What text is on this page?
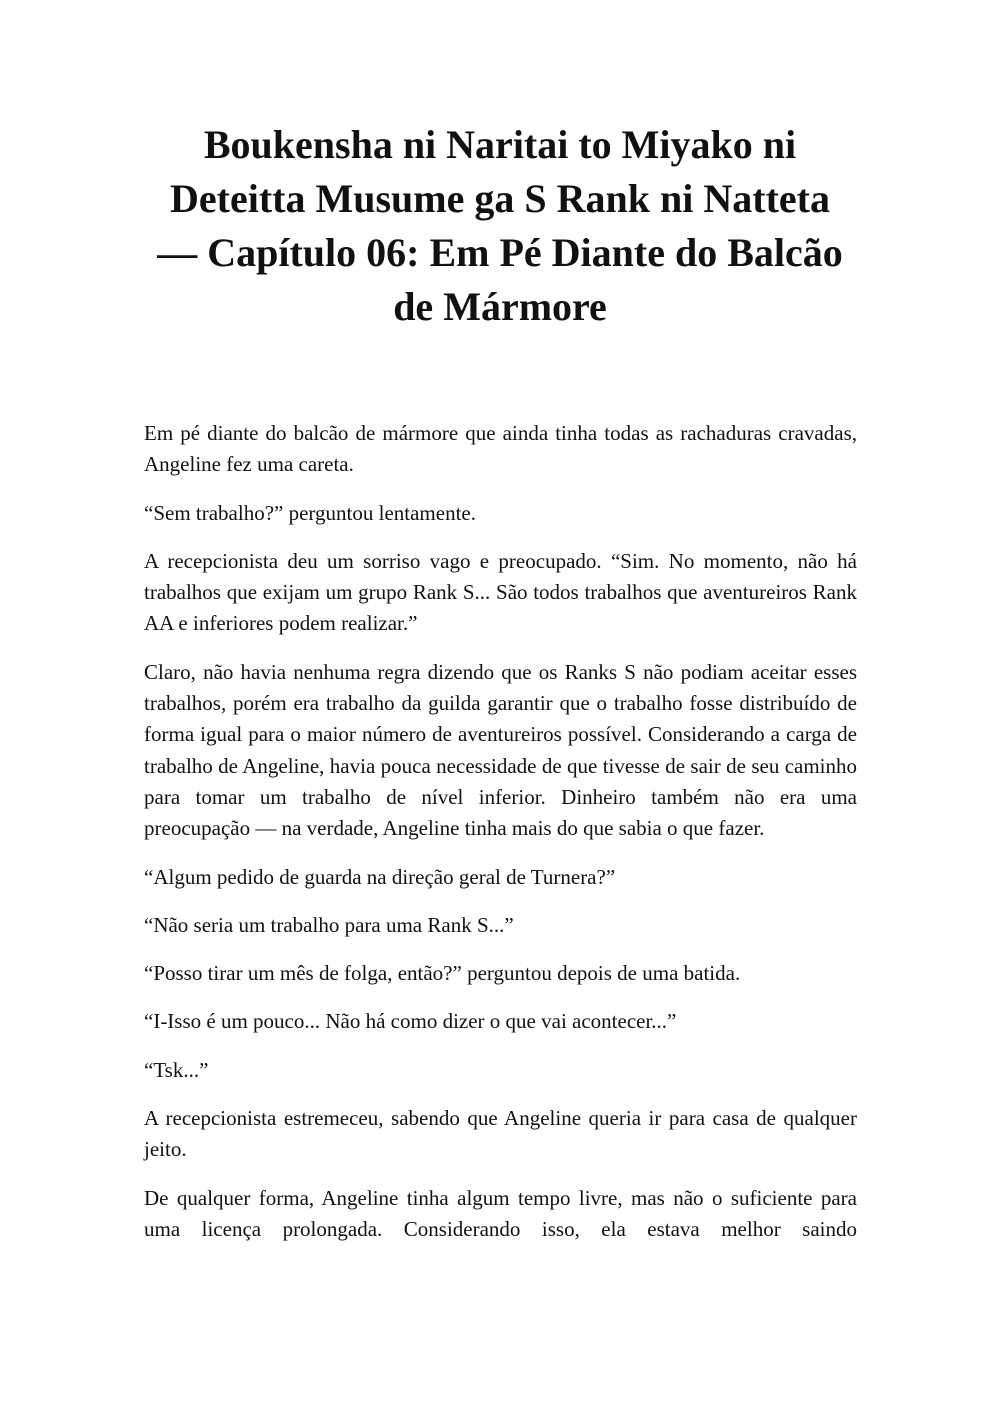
Boukensha ni Naritai to Miyako ni
Deteitta Musume ga S Rank ni Natteta
— Capítulo 06: Em Pé Diante do Balcão
de Mármore

Em pé diante do balcão de mármore que ainda tinha todas as rachaduras cravadas, Angeline fez uma careta.

“Sem trabalho?” perguntou lentamente.

A recepcionista deu um sorriso vago e preocupado. “Sim. No momento, não há trabalhos que exijam um grupo Rank S... São todos trabalhos que aventureiros Rank AA e inferiores podem realizar.”

Claro, não havia nenhuma regra dizendo que os Ranks S não podiam aceitar esses trabalhos, porém era trabalho da guilda garantir que o trabalho fosse distribuído de forma igual para o maior número de aventureiros possível. Considerando a carga de trabalho de Angeline, havia pouca necessidade de que tivesse de sair de seu caminho para tomar um trabalho de nível inferior. Dinheiro também não era uma preocupação — na verdade, Angeline tinha mais do que sabia o que fazer.

“Algum pedido de guarda na direção geral de Turnera?”

“Não seria um trabalho para uma Rank S...”

“Posso tirar um mês de folga, então?” perguntou depois de uma batida.

“I-Isso é um pouco... Não há como dizer o que vai acontecer...”

“Tsk...”

A recepcionista estremeceu, sabendo que Angeline queria ir para casa de qualquer jeito.

De qualquer forma, Angeline tinha algum tempo livre, mas não o suficiente para uma licença prolongada. Considerando isso, ela estava melhor saindo
